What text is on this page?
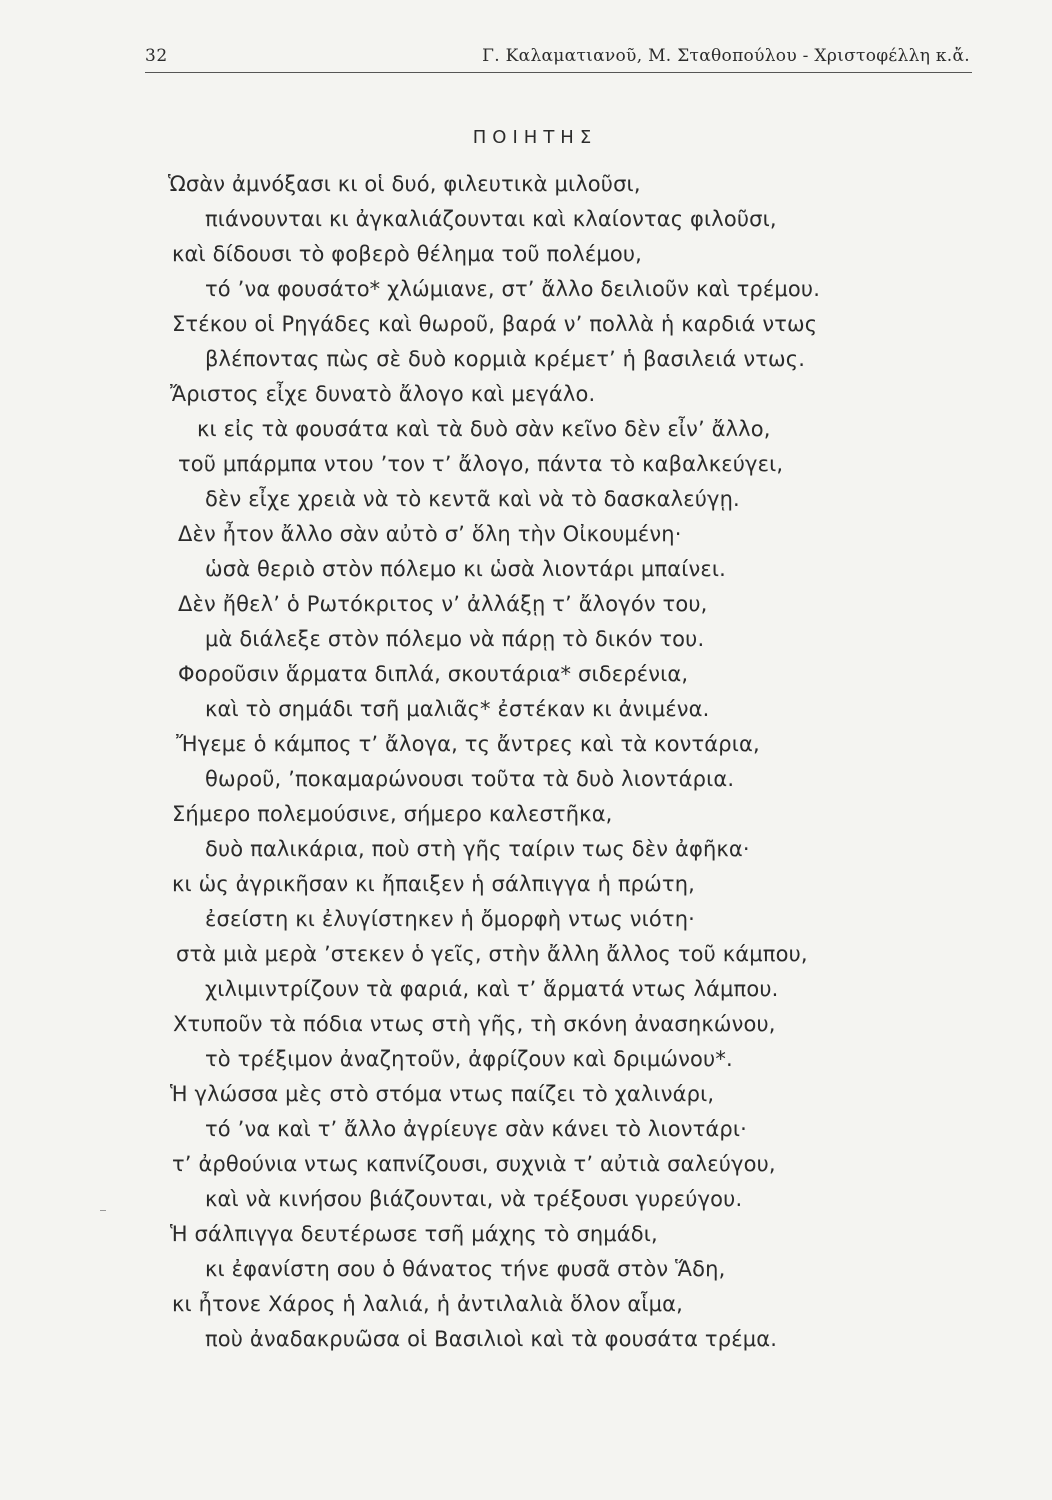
32	Γ. Καλαματιανοῦ, Μ. Σταθοπούλου - Χριστοφέλλη κ.ἄ.
ΠΟΙΗΤΗΣ
Ὡσὰν ἀμνόξασι κι οἱ δυό, φιλευτικὰ μιλοῦσι,
πιάνουνται κι ἀγκαλιάζουνται καὶ κλαίοντας φιλοῦσι,
καὶ δίδουσι τὸ φοβερὸ θέλημα τοῦ πολέμου,
τό ʼνα φουσάτο* χλώμιανε, στʼ ἄλλο δειλιοῦν καὶ τρέμου.
Στέκου οἱ Ρηγάδες καὶ θωροῦ, βαρά νʼ πολλὰ ἡ καρδιά ντως
βλέποντας πὼς σὲ δυὸ κορμιὰ κρέμετʼ ἡ βασιλειά ντως.
Ἄριστος εἶχε δυνατὸ ἄλογο καὶ μεγάλο.
κι εἰς τὰ φουσάτα καὶ τὰ δυὸ σὰν κεῖνο δὲν εἶνʼ ἄλλο,
τοῦ μπάρμπα ντου ʼτον τʼ ἄλογο, πάντα τὸ καβαλκεύγει,
δὲν εἶχε χρειὰ νὰ τὸ κεντᾶ καὶ νὰ τὸ δασκαλεύγῃ.
Δὲν ἦτον ἄλλο σὰν αὐτὸ σʼ ὅλη τὴν Οἰκουμένη·
ὡσὰ θεριὸ στὸν πόλεμο κι ὡσὰ λιοντάρι μπαίνει.
Δὲν ἤθελʼ ὁ Ρωτόκριτος νʼ ἀλλάξῃ τʼ ἄλογόν του,
μὰ διάλεξε στὸν πόλεμο νὰ πάρῃ τὸ δικόν του.
Φοροῦσιν ἅρματα διπλά, σκουτάρια* σιδερένια,
καὶ τὸ σημάδι τσῆ μαλιᾶς* ἐστέκαν κι ἀνιμένα.
Ἤγεμε ὁ κάμπος τʼ ἄλογα, τς ἄντρες καὶ τὰ κοντάρια,
θωροῦ, ʼποκαμαρώνουσι τοῦτα τὰ δυὸ λιοντάρια.
Σήμερο πολεμούσινε, σήμερο καλεστῆκα,
δυὸ παλικάρια, ποὺ στὴ γῆς ταίριν τως δὲν ἀφῆκα·
κι ὡς ἀγρικῆσαν κι ἤπαιξεν ἡ σάλπιγγα ἡ πρώτη,
ἐσείστη κι ἐλυγίστηκεν ἡ ὄμορφὴ ντως νιότη·
στὰ μιὰ μερὰ ʼστεκεν ὁ γεῖς, στὴν ἄλλη ἄλλος τοῦ κάμπου,
χιλιμιντρίζουν τὰ φαριά, καὶ τʼ ἅρματά ντως λάμπου.
Χτυποῦν τὰ πόδια ντως στὴ γῆς, τὴ σκόνη ἀνασηκώνου,
τὸ τρέξιμον ἀναζητοῦν, ἀφρίζουν καὶ δριμώνου*.
Ἡ γλώσσα μὲς στὸ στόμα ντως παίζει τὸ χαλινάρι,
τό ʼνα καὶ τʼ ἄλλο ἀγρίευγε σὰν κάνει τὸ λιοντάρι·
τʼ ἀρθούνια ντως καπνίζουσι, συχνιὰ τʼ αὐτιὰ σαλεύγου,
καὶ νὰ κινήσου βιάζουνται, νὰ τρέξουσι γυρεύγου.
Ἡ σάλπιγγα δευτέρωσε τσῆ μάχης τὸ σημάδι,
κι ἐφανίστη σου ὁ θάνατος τήνε φυσᾶ στὸν Ἅδη,
κι ἦτονε Χάρος ἡ λαλιά, ἡ ἀντιλαλιὰ ὅλον αἷμα,
ποὺ ἀναδακρυῶσα οἱ Βασιλιοὶ καὶ τὰ φουσάτα τρέμα.
